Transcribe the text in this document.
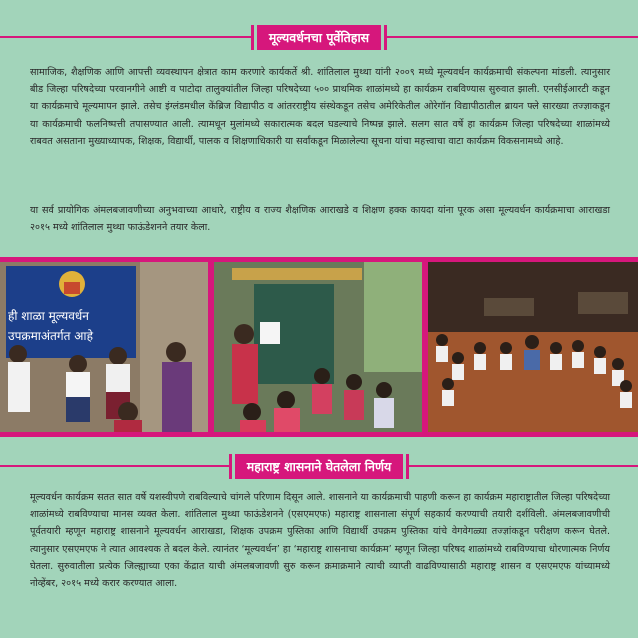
मूल्यवर्धनचा पूर्वेतिहास

सामाजिक, शैक्षणिक आणि आपत्ती व्यवस्थापन क्षेत्रात काम करणारे कार्यकर्ते श्री. शांतिलाल मुथ्था यांनी २००९ मध्ये मूल्यवर्धन कार्यक्रमाची संकल्पना मांडली. त्यानुसार बीड जिल्हा परिषदेच्या परवानगीने आष्टी व पाटोदा तालुक्यांतील जिल्हा परिषदेच्या ५०० प्राथमिक शाळांमध्ये हा कार्यक्रम राबविण्यास सुरुवात झाली. एनसीईआरटी कडून या कार्यक्रमाचे मूल्यमापन झाले. तसेच इंग्लंडमधील केंब्रिज विद्यापीठ व आंतरराष्ट्रीय संस्थेकडून तसेच अमेरिकेतील ओरेगॉन विद्यापीठातील ब्रायन फ्ले सारख्या तज्ज्ञाकडून या कार्यक्रमाची फलनिष्पत्ती तपासण्यात आली. त्यामधून मुलांमध्ये सकारात्मक बदल घडल्याचे निष्पन्न झाले. सलग सात वर्षे हा कार्यक्रम जिल्हा परिषदेच्या शाळांमध्ये राबवत असताना मुख्याध्यापक, शिक्षक, विद्यार्थी, पालक व शिक्षणाधिकारी या सर्वांकडून मिळालेल्या सूचना यांचा महत्त्वाचा वाटा कार्यक्रम विकसनामध्ये आहे.

या सर्व प्रायोगिक अंमलबजावणीच्या अनुभवाच्या आधारे, राष्ट्रीय व राज्य शैक्षणिक आराखडे व शिक्षण हक्क कायदा यांना पूरक असा मूल्यवर्धन कार्यक्रमाचा आराखडा २०१५ मध्ये शांतिलाल मुथ्था फाऊंडेशनने तयार केला.

ही शाळा मूल्यवर्धन
उपक्रमाअंतर्गत आहे
महाराष्ट्र शासनाने घेतलेला निर्णय

मूल्यवर्धन कार्यक्रम सतत सात वर्षे यशस्वीपणे राबविल्याचे चांगले परिणाम दिसून आले. शासनाने या कार्यक्रमाची पाहणी करून हा कार्यक्रम महाराष्ट्रातील जिल्हा परिषदेच्या शाळांमध्ये राबविण्याचा मानस व्यक्त केला. शांतिलाल मुथ्था फाऊंडेशनने (एसएमएफ) महाराष्ट्र शासनाला संपूर्ण सहकार्य करण्याची तयारी दर्शविली. अंमलबजावणीची पूर्वतयारी म्हणून महाराष्ट्र शासनाने मूल्यवर्धन आराखडा, शिक्षक उपक्रम पुस्तिका आणि विद्यार्थी उपक्रम पुस्तिका यांचे वेगवेगळ्या तज्ज्ञांकडून परीक्षण करून घेतले. त्यानुसार एसएमएफ ने त्यात आवश्यक ते बदल केले. त्यानंतर ‘मूल्यवर्धन’ हा ‘महाराष्ट्र शासनाचा कार्यक्रम’ म्हणून जिल्हा परिषद शाळांमध्ये राबविण्याचा धोरणात्मक निर्णय घेतला. सुरुवातीला प्रत्येक जिल्ह्याच्या एका केंद्रात याची अंमलबजावणी सुरु करून क्रमाक्रमाने त्याची व्याप्ती वाढविण्यासाठी महाराष्ट्र शासन व एसएमएफ यांच्यामध्ये नोव्हेंबर, २०१५ मध्ये करार करण्यात आला.
